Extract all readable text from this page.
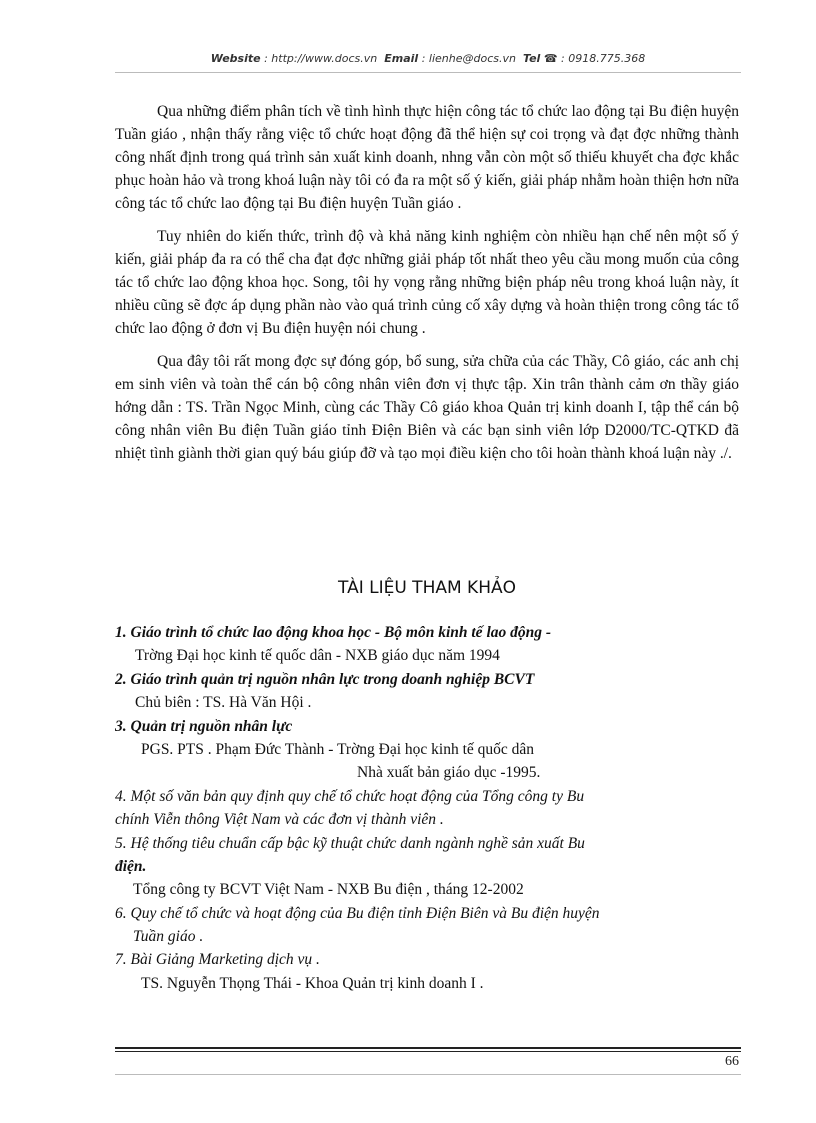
Website : http://www.docs.vn Email : lienhe@docs.vn Tel ☎ : 0918.775.368

Qua những điểm phân tích về tình hình thực hiện công tác tổ chức lao động tại Bu điện huyện Tuần giáo , nhận thấy rằng việc tổ chức hoạt động đã thể hiện sự coi trọng và đạt đợc những thành công nhất định trong quá trình sản xuất kinh doanh, nhng vẫn còn một số thiếu khuyết cha đợc khắc phục hoàn hảo và trong khoá luận này tôi có đa ra một số ý kiến, giải pháp nhằm hoàn thiện hơn nữa công tác tổ chức lao động tại Bu điện huyện Tuần giáo .

Tuy nhiên do kiến thức, trình độ và khả năng kinh nghiệm còn nhiều hạn chế nên một số ý kiến, giải pháp đa ra có thể cha đạt đợc những giải pháp tốt nhất theo yêu cầu mong muốn của công tác tổ chức lao động khoa học. Song, tôi hy vọng rằng những biện pháp nêu trong khoá luận này, ít nhiều cũng sẽ đợc áp dụng phần nào vào quá trình củng cố xây dựng và hoàn thiện trong công tác tổ chức lao động ở đơn vị Bu điện huyện nói chung .

Qua đây tôi rất mong đợc sự đóng góp, bổ sung, sửa chữa của các Thầy, Cô giáo, các anh chị em sinh viên và toàn thể cán bộ công nhân viên đơn vị thực tập. Xin trân thành cảm ơn thầy giáo hớng dẫn : TS. Trần Ngọc Minh, cùng các Thầy Cô giáo khoa Quản trị kinh doanh I, tập thể cán bộ công nhân viên Bu điện Tuần giáo tỉnh Điện Biên và các bạn sinh viên lớp D2000/TC-QTKD đã nhiệt tình giành thời gian quý báu giúp đỡ và tạo mọi điều kiện cho tôi hoàn thành khoá luận này ./.

TÀI LIỆU THAM KHẢO
1. Giáo trình tổ chức lao động khoa học - Bộ môn kinh tế lao động -
Trờng Đại học kinh tế quốc dân - NXB giáo dục năm 1994
2. Giáo trình quản trị nguồn nhân lực trong doanh nghiệp BCVT
Chủ biên : TS. Hà Văn Hội .
3. Quản trị nguồn nhân lực
PGS. PTS . Phạm Đức Thành - Trờng Đại học kinh tế quốc dân
Nhà xuất bản giáo dục -1995.
4. Một số văn bản quy định quy chế tổ chức hoạt động của Tổng công ty Bu
chính Viễn thông Việt Nam và các đơn vị thành viên .
5. Hệ thống tiêu chuẩn cấp bậc kỹ thuật chức danh ngành nghề sản xuất Bu
điện.
Tổng công ty BCVT Việt Nam - NXB Bu điện , tháng 12-2002
6. Quy chế tổ chức và hoạt động của Bu điện tỉnh Điện Biên và Bu điện huyện
Tuần giáo .
7. Bài Giảng Marketing dịch vụ .
TS. Nguyễn Thọng Thái - Khoa Quản trị kinh doanh I .
66
